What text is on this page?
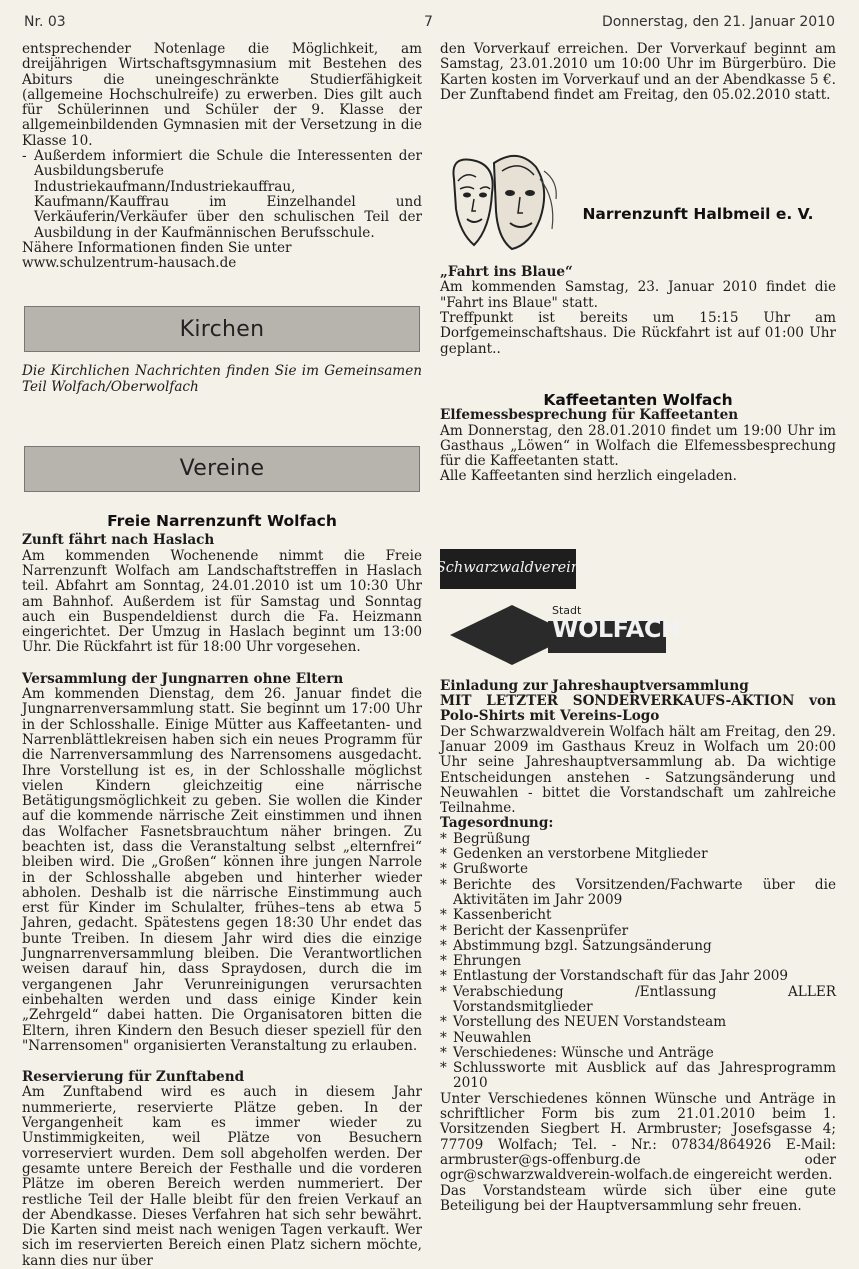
Nr. 03	7	Donnerstag, den 21. Januar 2010

entsprechender Notenlage die Möglichkeit, am dreijährigen Wirtschaftsgymnasium mit Bestehen des Abiturs die uneingeschränkte Studierfähigkeit (allgemeine Hochschulreife) zu erwerben. Dies gilt auch für Schülerinnen und Schüler der 9. Klasse der allgemeinbildenden Gymnasien mit der Versetzung in die Klasse 10.

- Außerdem informiert die Schule die Interessenten der Ausbildungsberufe Industriekaufmann/Industriekauffrau, Kaufmann/Kauffrau im Einzelhandel und Verkäuferin/Verkäufer über den schulischen Teil der Ausbildung in der Kaufmännischen Berufsschule.

Nähere Informationen finden Sie unter

www.schulzentrum-hausach.de

Kirchen

Die Kirchlichen Nachrichten finden Sie im Gemeinsamen Teil Wolfach/Oberwolfach

Vereine
Freie Narrenzunft Wolfach

Zunft fährt nach Haslach

Am kommenden Wochenende nimmt die Freie Narrenzunft Wolfach am Landschaftstreffen in Haslach teil. Abfahrt am Sonntag, 24.01.2010 ist um 10:30 Uhr am Bahnhof. Außerdem ist für Samstag und Sonntag auch ein Buspendeldienst durch die Fa. Heizmann eingerichtet. Der Umzug in Haslach beginnt um 13:00 Uhr. Die Rückfahrt ist für 18:00 Uhr vorgesehen.

Versammlung der Jungnarren ohne Eltern

Am kommenden Dienstag, dem 26. Januar findet die Jungnarrenversammlung statt. Sie beginnt um 17:00 Uhr in der Schlosshalle. Einige Mütter aus Kaffeetanten- und Narrenblättlekreisen haben sich ein neues Programm für die Narrenversammlung des Narrensomens ausgedacht. Ihre Vorstellung ist es, in der Schlosshalle möglichst vielen Kindern gleichzeitig eine närrische Betätigungsmöglichkeit zu geben. Sie wollen die Kinder auf die kommende närrische Zeit einstimmen und ihnen das Wolfacher Fasnetsbrauchtum näher bringen. Zu beachten ist, dass die Veranstaltung selbst „elternfrei“ bleiben wird. Die „Großen“ können ihre jungen Narrole in der Schlosshalle abgeben und hinterher wieder abholen. Deshalb ist die närrische Einstimmung auch erst für Kinder im Schulalter, frühes–tens ab etwa 5 Jahren, gedacht. Spätestens gegen 18:30 Uhr endet das bunte Treiben. In diesem Jahr wird dies die einzige Jungnarrenversammlung bleiben. Die Verantwortlichen weisen darauf hin, dass Spraydosen, durch die im vergangenen Jahr Verunreinigungen verursachten einbehalten werden und dass einige Kinder kein „Zehrgeld“ dabei hatten. Die Organisatoren bitten die Eltern, ihren Kindern den Besuch dieser speziell für den "Narrensomen" organisierten Veranstaltung zu erlauben.

Reservierung für Zunftabend

Am Zunftabend wird es auch in diesem Jahr nummerierte, reservierte Plätze geben. In der Vergangenheit kam es immer wieder zu Unstimmigkeiten, weil Plätze von Besuchern vorreserviert wurden. Dem soll abgeholfen werden. Der gesamte untere Bereich der Festhalle und die vorderen Plätze im oberen Bereich werden nummeriert. Der restliche Teil der Halle bleibt für den freien Verkauf an der Abendkasse. Dieses Verfahren hat sich sehr bewährt. Die Karten sind meist nach wenigen Tagen verkauft. Wer sich im reservierten Bereich einen Platz sichern möchte, kann dies nur über

den Vorverkauf erreichen. Der Vorverkauf beginnt am Samstag, 23.01.2010 um 10:00 Uhr im Bürgerbüro. Die Karten kosten im Vorverkauf und an der Abendkasse 5 €. Der Zunftabend findet am Freitag, den 05.02.2010 statt.

Narrenzunft Halbmeil e. V.

„Fahrt ins Blaue“

Am kommenden Samstag, 23. Januar 2010 findet die "Fahrt ins Blaue" statt.

Treffpunkt ist bereits um 15:15 Uhr am Dorfgemeinschaftshaus. Die Rückfahrt ist auf 01:00 Uhr geplant..

Kaffeetanten Wolfach

Elfemessbesprechung für Kaffeetanten

Am Donnerstag, den 28.01.2010 findet um 19:00 Uhr im Gasthaus „Löwen“ in Wolfach die Elfemessbesprechung für die Kaffeetanten statt.

Alle Kaffeetanten sind herzlich eingeladen.

Schwarzwaldverein
Stadt
WOLFACH

Einladung zur Jahreshauptversammlung

MIT LETZTER SONDERVERKAUFS-AKTION von Polo-Shirts mit Vereins-Logo

Der Schwarzwaldverein Wolfach hält am Freitag, den 29. Januar 2009 im Gasthaus Kreuz in Wolfach um 20:00 Uhr seine Jahreshauptversammlung ab. Da wichtige Entscheidungen anstehen - Satzungsänderung und Neuwahlen - bittet die Vorstandschaft um zahlreiche Teilnahme.

Tagesordnung:

* Begrüßung
* Gedenken an verstorbene Mitglieder
* Grußworte
* Berichte des Vorsitzenden/Fachwarte über die Aktivitäten im Jahr 2009
* Kassenbericht
* Bericht der Kassenprüfer
* Abstimmung bzgl. Satzungsänderung
* Ehrungen
* Entlastung der Vorstandschaft für das Jahr 2009
* Verabschiedung /Entlassung ALLER Vorstandsmitglieder
* Vorstellung des NEUEN Vorstandsteam
* Neuwahlen
* Verschiedenes: Wünsche und Anträge
* Schlussworte mit Ausblick auf das Jahresprogramm 2010

Unter Verschiedenes können Wünsche und Anträge in schriftlicher Form bis zum 21.01.2010 beim 1. Vorsitzenden Siegbert H. Armbruster; Josefsgasse 4; 77709 Wolfach; Tel. - Nr.: 07834/864926 E-Mail: armbruster@gs-offenburg.de oder ogr@schwarzwaldverein-wolfach.de eingereicht werden.

Das Vorstandsteam würde sich über eine gute Beteiligung bei der Hauptversammlung sehr freuen.
